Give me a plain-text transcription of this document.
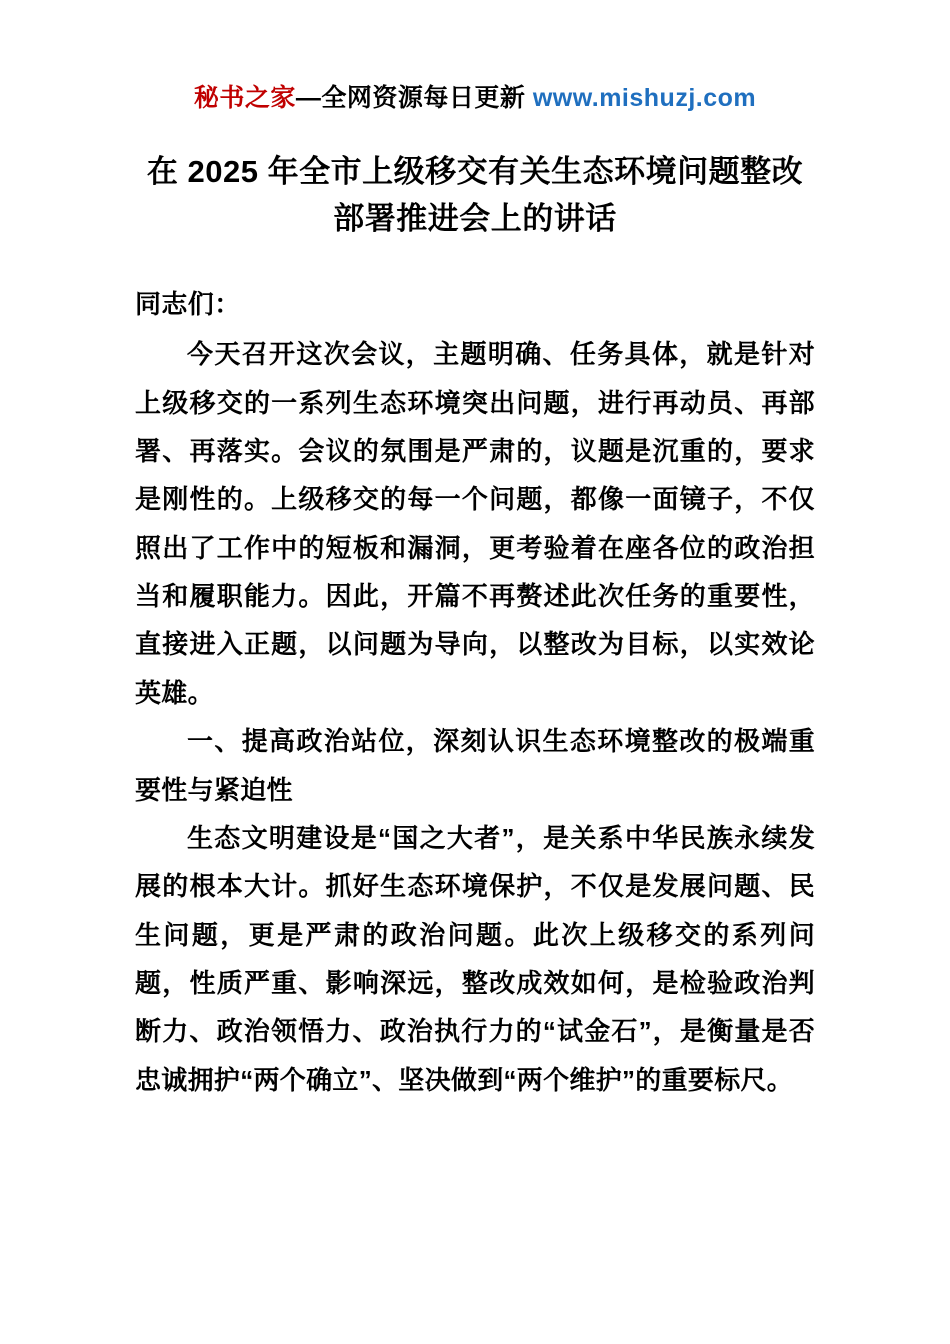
秘书之家—全网资源每日更新 www.mishuzj.com
在 2025 年全市上级移交有关生态环境问题整改部署推进会上的讲话
同志们：

今天召开这次会议，主题明确、任务具体，就是针对上级移交的一系列生态环境突出问题，进行再动员、再部署、再落实。会议的氛围是严肃的，议题是沉重的，要求是刚性的。上级移交的每一个问题，都像一面镜子，不仅照出了工作中的短板和漏洞，更考验着在座各位的政治担当和履职能力。因此，开篇不再赘述此次任务的重要性，直接进入正题，以问题为导向，以整改为目标，以实效论英雄。

一、提高政治站位，深刻认识生态环境整改的极端重要性与紧迫性

生态文明建设是“国之大者”，是关系中华民族永续发展的根本大计。抓好生态环境保护，不仅是发展问题、民生问题，更是严肃的政治问题。此次上级移交的系列问题，性质严重、影响深远，整改成效如何，是检验政治判断力、政治领悟力、政治执行力的“试金石”，是衡量是否忠诚拥护“两个确立”、坚决做到“两个维护”的重要标尺。
